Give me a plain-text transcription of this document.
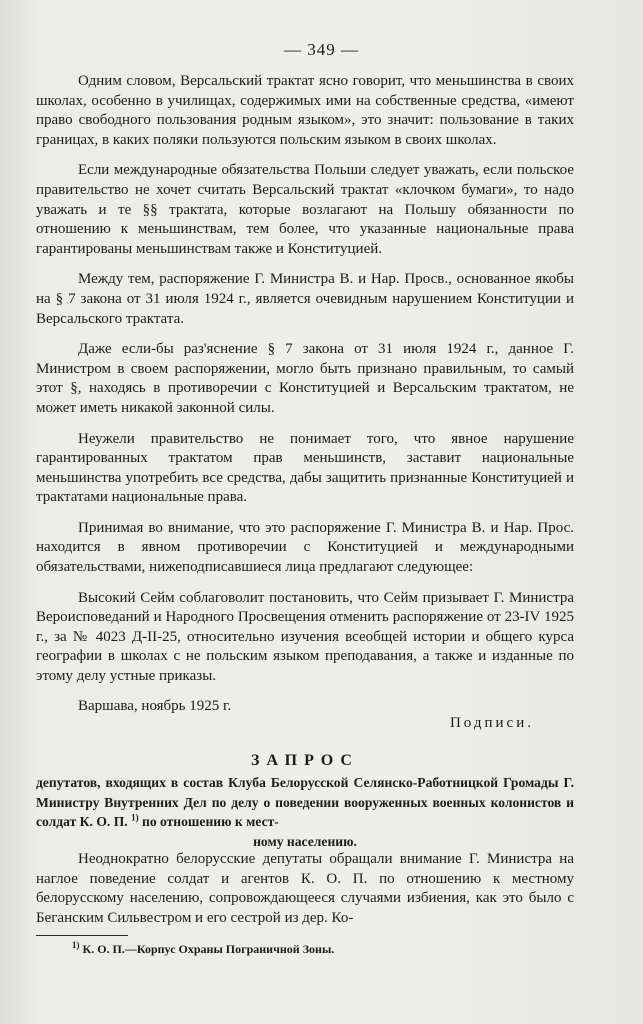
— 349 —

Одним словом, Версальский трактат ясно говорит, что меньшинства в своих школах, особенно в училищах, содержимых ими на собственные средства, «имеют право свободного пользования родным языком», это значит: пользование в таких границах, в каких поляки пользуются польским языком в своих школах.

Если международные обязательства Польши следует уважать, если польское правительство не хочет считать Версальский трактат «клочком бумаги», то надо уважать и те §§ трактата, которые возлагают на Польшу обязанности по отношению к меньшинствам, тем более, что указанные национальные права гарантированы меньшинствам также и Конституцией.

Между тем, распоряжение Г. Министра В. и Нар. Просв., основанное якобы на § 7 закона от 31 июля 1924 г., является очевидным нарушением Конституции и Версальского трактата.

Даже если-бы раз'яснение § 7 закона от 31 июля 1924 г., данное Г. Министром в своем распоряжении, могло быть признано правильным, то самый этот §, находясь в противоречии с Конституцией и Версальским трактатом, не может иметь никакой законной силы.

Неужели правительство не понимает того, что явное нарушение гарантированных трактатом прав меньшинств, заставит национальные меньшинства употребить все средства, дабы защитить признанные Конституцией и трактатами национальные права.

Принимая во внимание, что это распоряжение Г. Министра В. и Нар. Прос. находится в явном противоречии с Конституцией и международными обязательствами, нижеподписавшиеся лица предлагают следующее:

Высокий Сейм соблаговолит постановить, что Сейм призывает Г. Министра Вероисповеданий и Народного Просвещения отменить распоряжение от 23-IV 1925 г., за № 4023 Д-II-25, относительно изучения всеобщей истории и общего курса географии в школах с не польским языком преподавания, а также и изданные по этому делу устные приказы.

Варшава, ноябрь 1925 г.

Подписи.

ЗАПРОС
депутатов, входящих в состав Клуба Белорусской Селянско-Работницкой Громады Г. Министру Внутренних Дел по делу о поведении вооруженных военных колонистов и солдат К. О. П. $^{1)}$ по отношению к мест-
ному населению.

Неоднократно белорусские депутаты обращали внимание Г. Министра на наглое поведение солдат и агентов К. О. П. по отношению к местному белорусскому населению, сопровождающееся случаями избиения, как это было с Беганским Сильвестром и его сестрой из дер. Ко-

$^{1)}$ К. О. П.—Корпус Охраны Пограничной Зоны.
